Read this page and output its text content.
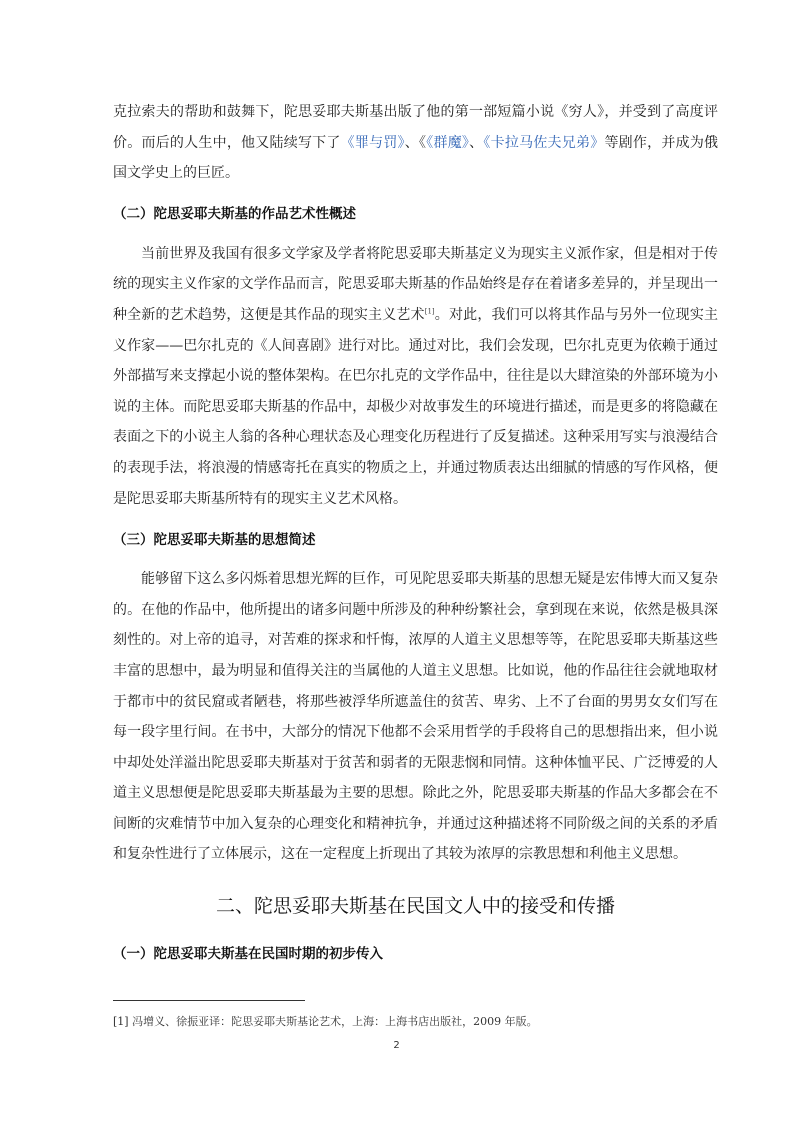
克拉索夫的帮助和鼓舞下，陀思妥耶夫斯基出版了他的第一部短篇小说《穷人》，并受到了高度评价。而后的人生中，他又陆续写下了《罪与罚》、《《群魔》、《卡拉马佐夫兄弟》等剧作，并成为俄国文学史上的巨匠。

（二）陀思妥耶夫斯基的作品艺术性概述

当前世界及我国有很多文学家及学者将陀思妥耶夫斯基定义为现实主义派作家，但是相对于传统的现实主义作家的文学作品而言，陀思妥耶夫斯基的作品始终是存在着诸多差异的，并呈现出一种全新的艺术趋势，这便是其作品的现实主义艺术[1]。对此，我们可以将其作品与另外一位现实主义作家——巴尔扎克的《人间喜剧》进行对比。通过对比，我们会发现，巴尔扎克更为依赖于通过外部描写来支撑起小说的整体架构。在巴尔扎克的文学作品中，往往是以大肆渲染的外部环境为小说的主体。而陀思妥耶夫斯基的作品中，却极少对故事发生的环境进行描述，而是更多的将隐藏在表面之下的小说主人翁的各种心理状态及心理变化历程进行了反复描述。这种采用写实与浪漫结合的表现手法，将浪漫的情感寄托在真实的物质之上，并通过物质表达出细腻的情感的写作风格，便是陀思妥耶夫斯基所特有的现实主义艺术风格。

（三）陀思妥耶夫斯基的思想简述

能够留下这么多闪烁着思想光辉的巨作，可见陀思妥耶夫斯基的思想无疑是宏伟博大而又复杂的。在他的作品中，他所提出的诸多问题中所涉及的种种纷繁社会，拿到现在来说，依然是极具深刻性的。对上帝的追寻，对苦难的探求和忏悔，浓厚的人道主义思想等等，在陀思妥耶夫斯基这些丰富的思想中，最为明显和值得关注的当属他的人道主义思想。比如说，他的作品往往会就地取材于都市中的贫民窟或者陋巷，将那些被浮华所遮盖住的贫苦、卑劣、上不了台面的男男女女们写在每一段字里行间。在书中，大部分的情况下他都不会采用哲学的手段将自己的思想指出来，但小说中却处处洋溢出陀思妥耶夫斯基对于贫苦和弱者的无限悲悯和同情。这种体恤平民、广泛博爱的人道主义思想便是陀思妥耶夫斯基最为主要的思想。除此之外，陀思妥耶夫斯基的作品大多都会在不间断的灾难情节中加入复杂的心理变化和精神抗争，并通过这种描述将不同阶级之间的关系的矛盾和复杂性进行了立体展示，这在一定程度上折现出了其较为浓厚的宗教思想和利他主义思想。

二、陀思妥耶夫斯基在民国文人中的接受和传播
（一）陀思妥耶夫斯基在民国时期的初步传入
[1] 冯增义、徐振亚译：陀思妥耶夫斯基论艺术，上海：上海书店出版社，2009 年版。
2
